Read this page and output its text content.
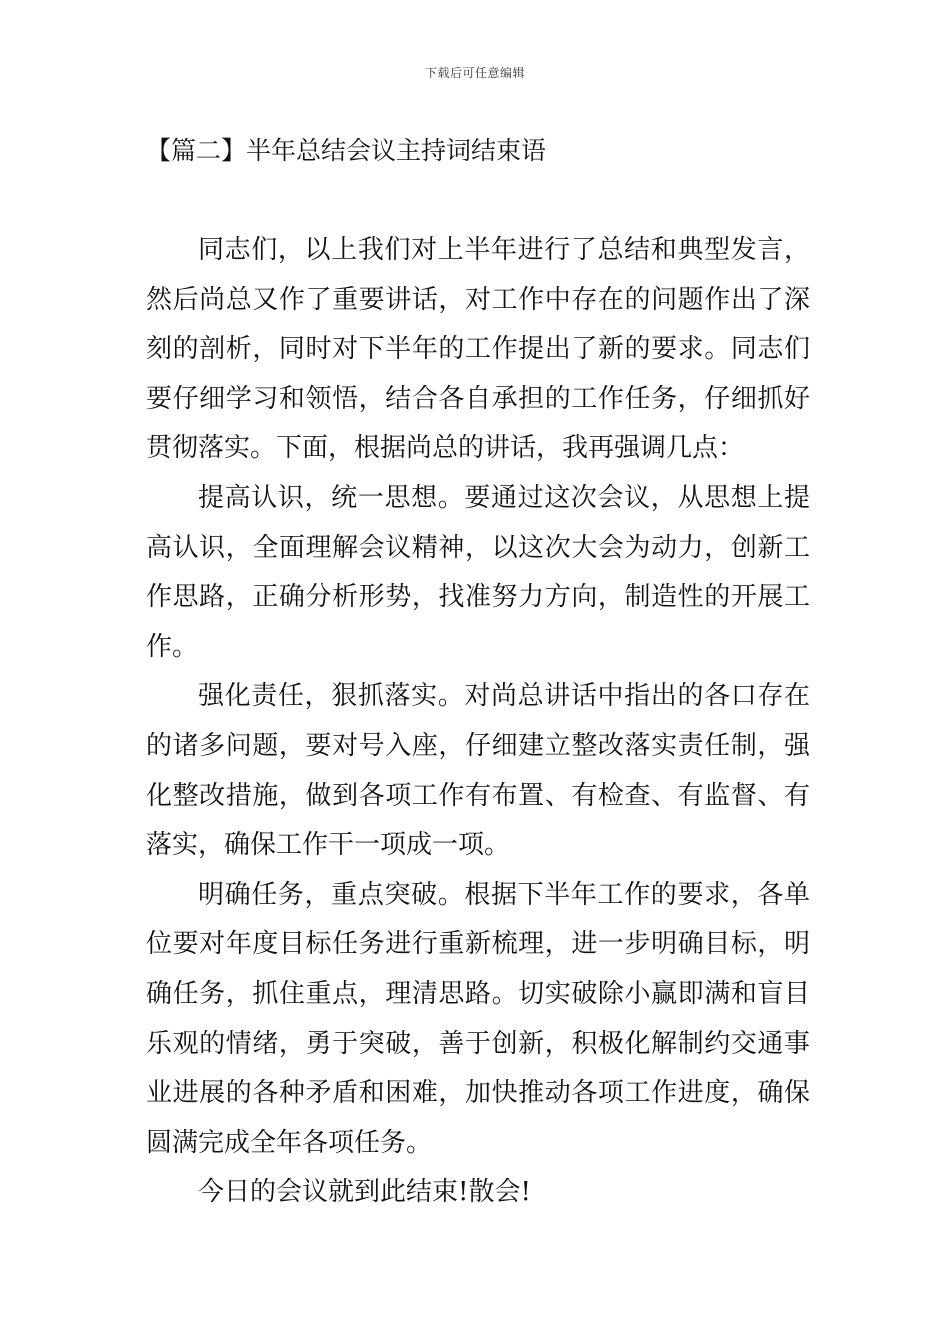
下载后可任意编辑
【篇二】半年总结会议主持词结束语

同志们，以上我们对上半年进行了总结和典型发言，然后尚总又作了重要讲话，对工作中存在的问题作出了深刻的剖析，同时对下半年的工作提出了新的要求。同志们要仔细学习和领悟，结合各自承担的工作任务，仔细抓好贯彻落实。下面，根据尚总的讲话，我再强调几点：

提高认识，统一思想。要通过这次会议，从思想上提高认识，全面理解会议精神，以这次大会为动力，创新工作思路，正确分析形势，找准努力方向，制造性的开展工作。

强化责任，狠抓落实。对尚总讲话中指出的各口存在的诸多问题，要对号入座，仔细建立整改落实责任制，强化整改措施，做到各项工作有布置、有检查、有监督、有落实，确保工作干一项成一项。

明确任务，重点突破。根据下半年工作的要求，各单位要对年度目标任务进行重新梳理，进一步明确目标，明确任务，抓住重点，理清思路。切实破除小赢即满和盲目乐观的情绪，勇于突破，善于创新，积极化解制约交通事业进展的各种矛盾和困难，加快推动各项工作进度，确保圆满完成全年各项任务。

今日的会议就到此结束!散会!
